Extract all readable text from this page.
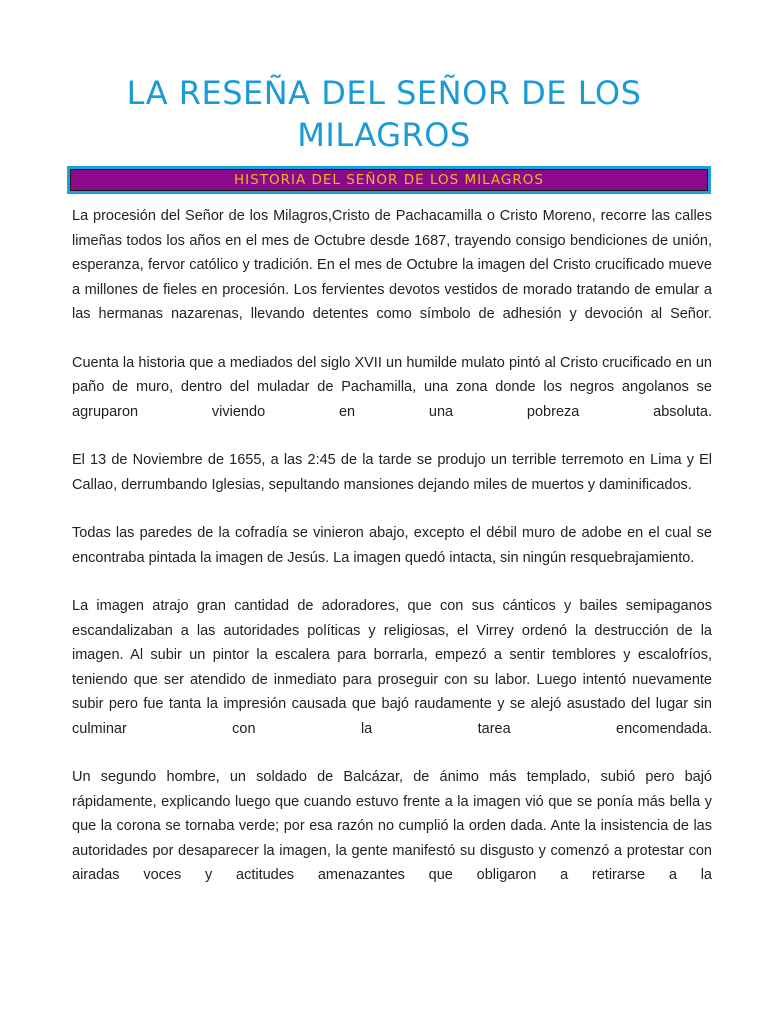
LA RESEÑA DEL SEÑOR DE LOS MILAGROS
HISTORIA DEL SEÑOR DE LOS MILAGROS

La procesión del Señor de los Milagros,Cristo de Pachacamilla o Cristo Moreno, recorre las calles limeñas todos los años en el mes de Octubre desde 1687, trayendo consigo bendiciones de unión, esperanza, fervor católico y tradición. En el mes de Octubre la imagen del Cristo crucificado mueve a millones de fieles en procesión. Los fervientes devotos vestidos de morado tratando de emular a las hermanas nazarenas, llevando detentes como símbolo de adhesión y devoción al Señor.

Cuenta la historia que a mediados del siglo XVII un humilde mulato pintó al Cristo crucificado en un paño de muro, dentro del muladar de Pachamilla, una zona donde los negros angolanos se agruparon viviendo en una pobreza absoluta.

El 13 de Noviembre de 1655, a las 2:45 de la tarde se produjo un terrible terremoto en Lima y El Callao, derrumbando Iglesias, sepultando mansiones dejando miles de muertos y daminificados.

Todas las paredes de la cofradía se vinieron abajo, excepto el débil muro de adobe en el cual se encontraba pintada la imagen de Jesús. La imagen quedó intacta, sin ningún resquebrajamiento.

La imagen atrajo gran cantidad de adoradores, que con sus cánticos y bailes semipaganos escandalizaban a las autoridades políticas y religiosas, el Virrey ordenó la destrucción de la imagen. Al subir un pintor la escalera para borrarla, empezó a sentir temblores y escalofríos, teniendo que ser atendido de inmediato para proseguir con su labor. Luego intentó nuevamente subir pero fue tanta la impresión causada que bajó raudamente y se alejó asustado del lugar sin culminar con la tarea encomendada.

Un segundo hombre, un soldado de Balcázar, de ánimo más templado, subió pero bajó rápidamente, explicando luego que cuando estuvo frente a la imagen vió que se ponía más bella y que la corona se tornaba verde; por esa razón no cumplió la orden dada. Ante la insistencia de las autoridades por desaparecer la imagen, la gente manifestó su disgusto y comenzó a protestar con airadas voces y actitudes amenazantes que obligaron a retirarse a la
